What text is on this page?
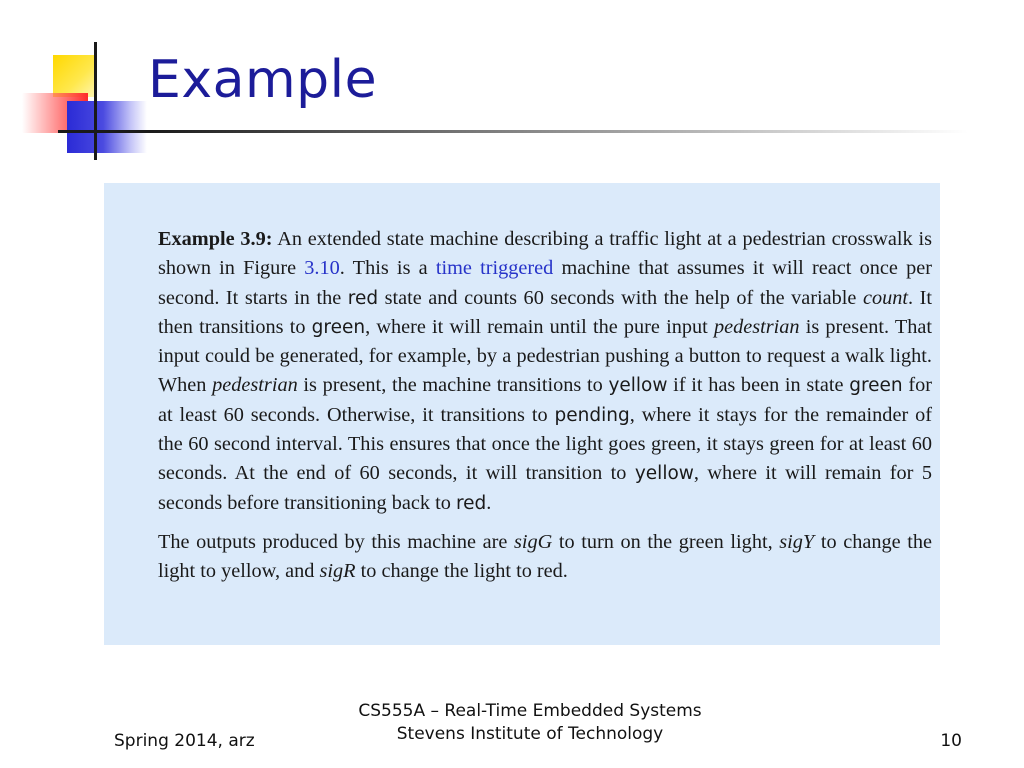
Example

Example 3.9: An extended state machine describing a traffic light at a pedestrian crosswalk is shown in Figure 3.10. This is a time triggered machine that assumes it will react once per second. It starts in the red state and counts 60 seconds with the help of the variable count. It then transitions to green, where it will remain until the pure input pedestrian is present. That input could be generated, for example, by a pedestrian pushing a button to request a walk light. When pedestrian is present, the machine transitions to yellow if it has been in state green for at least 60 seconds. Otherwise, it transitions to pending, where it stays for the remainder of the 60 second interval. This ensures that once the light goes green, it stays green for at least 60 seconds. At the end of 60 seconds, it will transition to yellow, where it will remain for 5 seconds before transitioning back to red.

The outputs produced by this machine are sigG to turn on the green light, sigY to change the light to yellow, and sigR to change the light to red.

Spring 2014, arz
CS555A – Real-Time Embedded Systems
Stevens Institute of Technology	10
